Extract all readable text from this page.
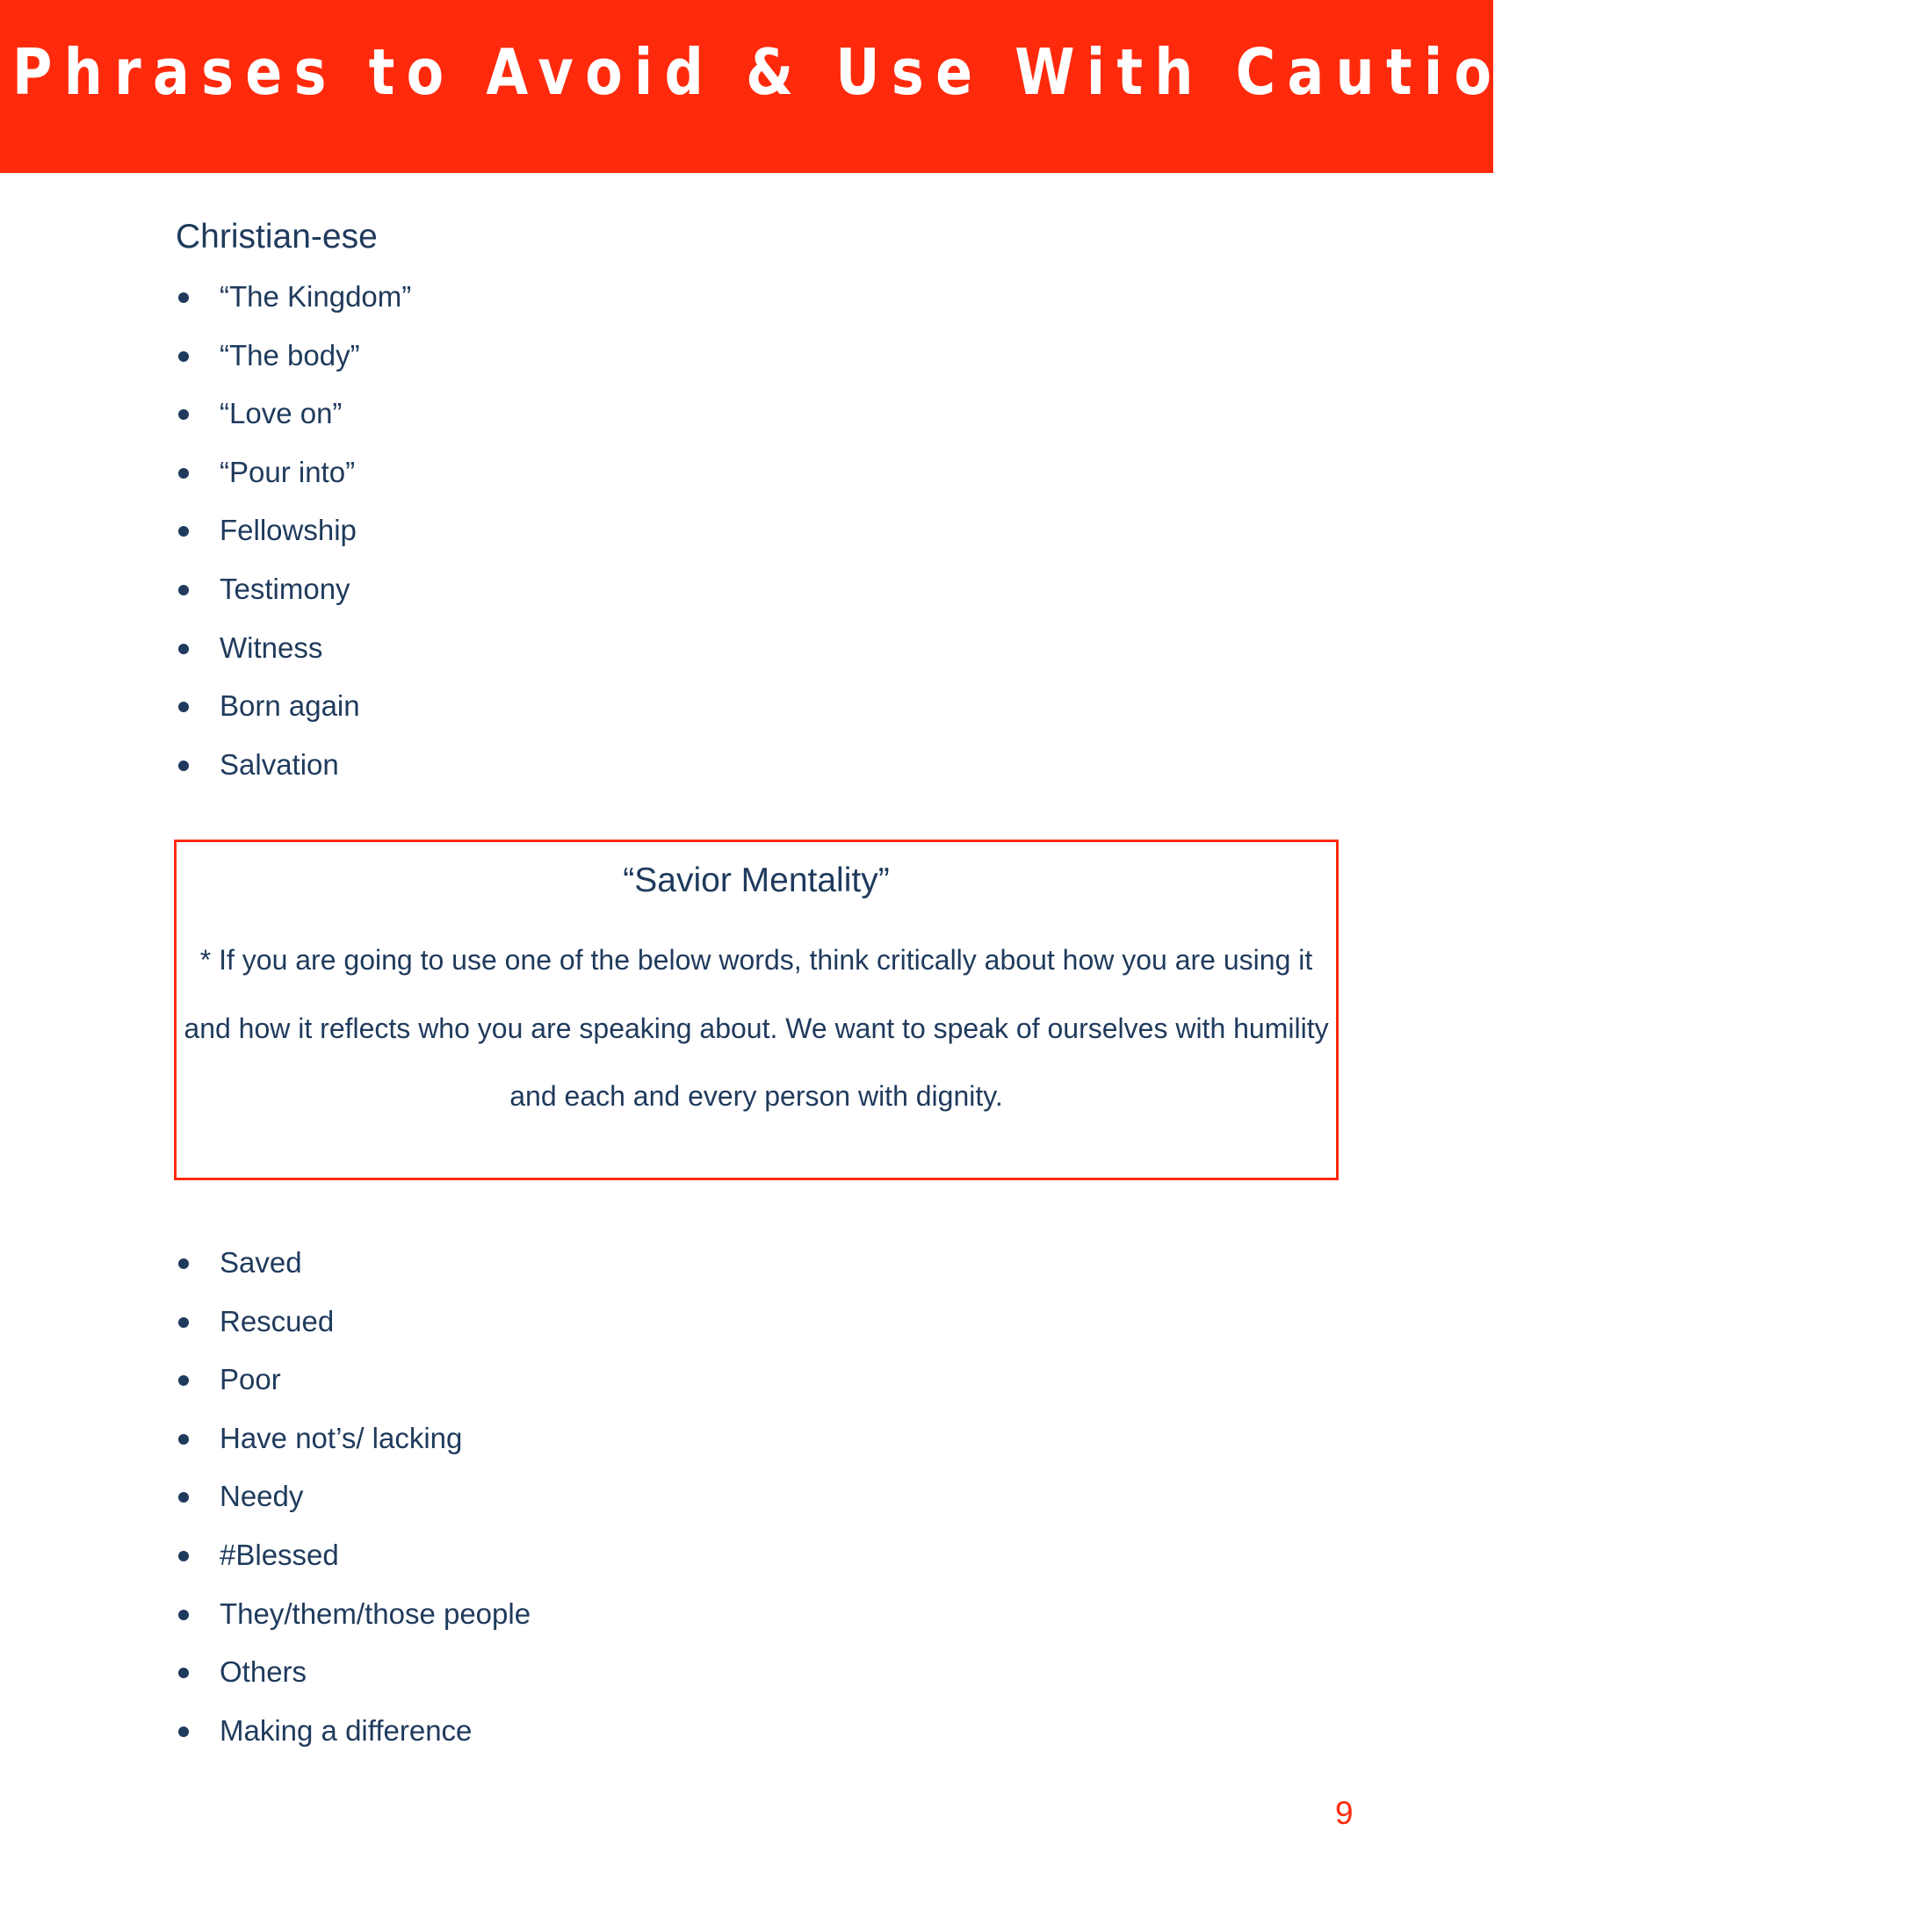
Phrases to Avoid & Use With Caution (Don’ts)
Christian-ese
“The Kingdom”
“The body”
“Love on”
“Pour into”
Fellowship
Testimony
Witness
Born again
Salvation
“Savior Mentality”
* If you are going to use one of the below words, think critically about how you are using it and how it reflects who you are speaking about. We want to speak of ourselves with humility and each and every person with dignity.
Saved
Rescued
Poor
Have not’s/ lacking
Needy
#Blessed
They/them/those people
Others
Making a difference
9
